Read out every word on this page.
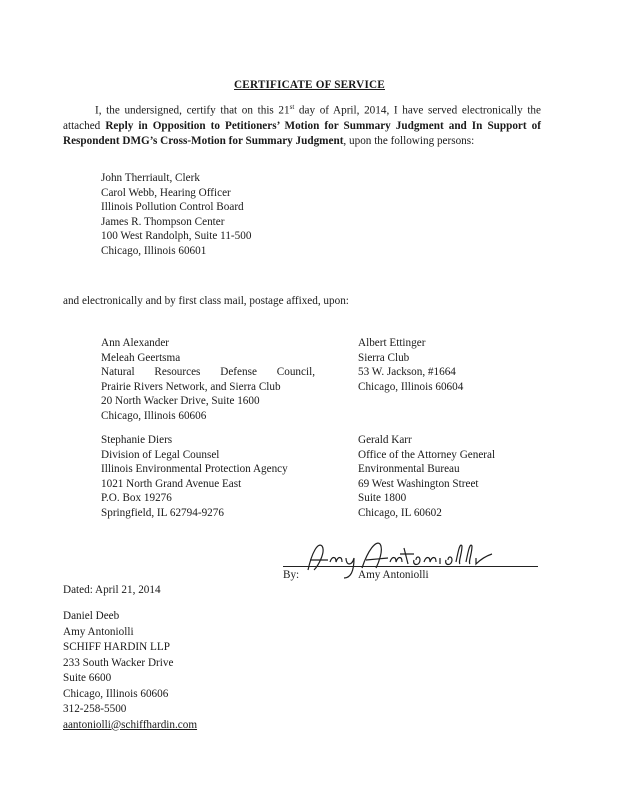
CERTIFICATE OF SERVICE
I, the undersigned, certify that on this 21st day of April, 2014, I have served electronically the attached Reply in Opposition to Petitioners’ Motion for Summary Judgment and In Support of Respondent DMG’s Cross-Motion for Summary Judgment, upon the following persons:
John Therriault, Clerk
Carol Webb, Hearing Officer
Illinois Pollution Control Board
James R. Thompson Center
100 West Randolph, Suite 11-500
Chicago, Illinois 60601
and electronically and by first class mail, postage affixed, upon:
Ann Alexander
Meleah Geertsma
Natural Resources Defense Council,
Prairie Rivers Network, and Sierra Club
20 North Wacker Drive, Suite 1600
Chicago, Illinois 60606
Albert Ettinger
Sierra Club
53 W. Jackson, #1664
Chicago, Illinois 60604
Stephanie Diers
Division of Legal Counsel
Illinois Environmental Protection Agency
1021 North Grand Avenue East
P.O. Box 19276
Springfield, IL 62794-9276
Gerald Karr
Office of the Attorney General
Environmental Bureau
69 West Washington Street
Suite 1800
Chicago, IL 60602
By:	Amy Antoniolli
Dated: April 21, 2014
Daniel Deeb
Amy Antoniolli
SCHIFF HARDIN LLP
233 South Wacker Drive
Suite 6600
Chicago, Illinois 60606
312-258-5500
aantoniolli@schiffhardin.com
